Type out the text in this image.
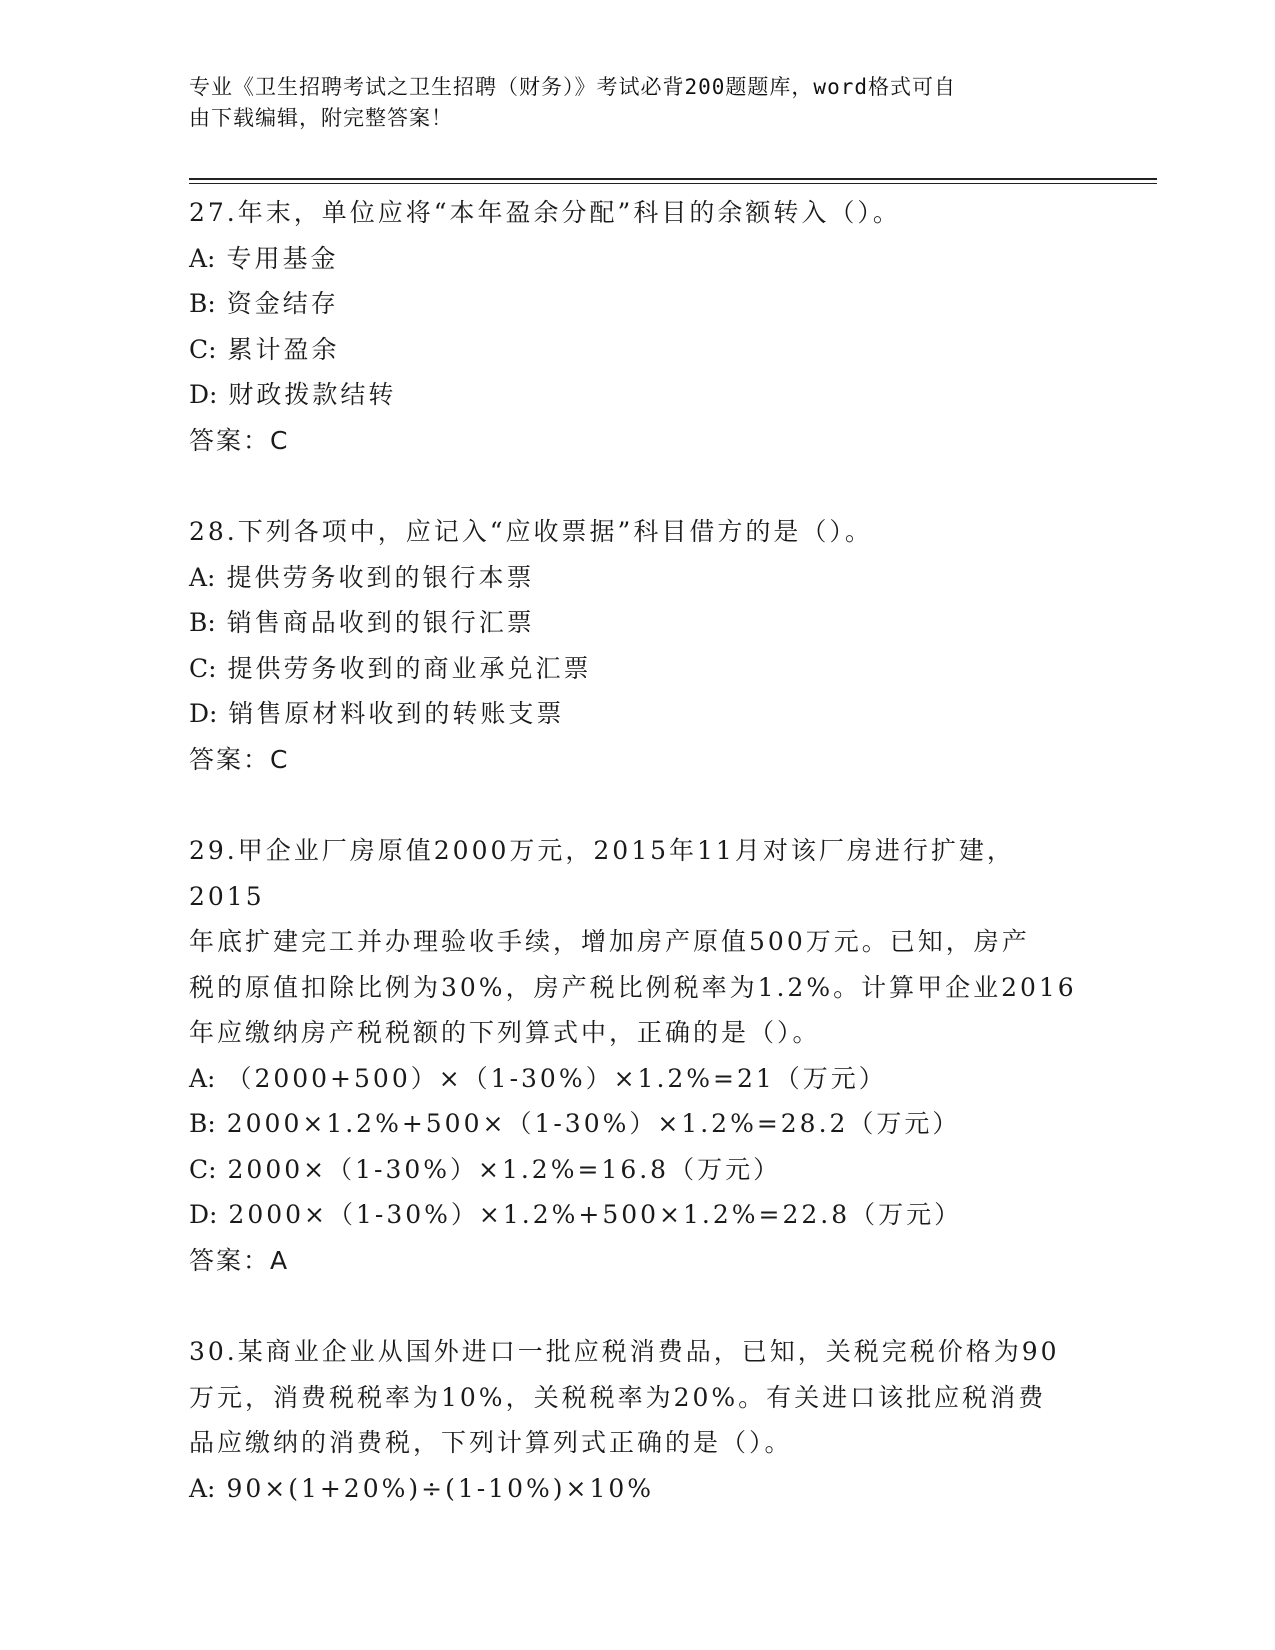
专业《卫生招聘考试之卫生招聘（财务）》考试必背200题题库，word格式可自
由下载编辑，附完整答案！
27.年末，单位应将“本年盈余分配”科目的余额转入（）。
A: 专用基金
B: 资金结存
C: 累计盈余
D: 财政拨款结转
答案：C
28.下列各项中，应记入“应收票据”科目借方的是（）。
A: 提供劳务收到的银行本票
B: 销售商品收到的银行汇票
C: 提供劳务收到的商业承兑汇票
D: 销售原材料收到的转账支票
答案：C
29.甲企业厂房原值2000万元，2015年11月对该厂房进行扩建，2015
年底扩建完工并办理验收手续，增加房产原值500万元。已知，房产
税的原值扣除比例为30%，房产税比例税率为1.2%。计算甲企业2016
年应缴纳房产税税额的下列算式中，正确的是（）。
A: （2000+500）×（1-30%）×1.2%=21（万元）
B: 2000×1.2%+500×（1-30%）×1.2%=28.2（万元）
C: 2000×（1-30%）×1.2%=16.8（万元）
D: 2000×（1-30%）×1.2%+500×1.2%=22.8（万元）
答案：A
30.某商业企业从国外进口一批应税消费品，已知，关税完税价格为90
万元，消费税税率为10%，关税税率为20%。有关进口该批应税消费
品应缴纳的消费税，下列计算列式正确的是（）。
A: 90×(1+20%)÷(1-10%)×10%
